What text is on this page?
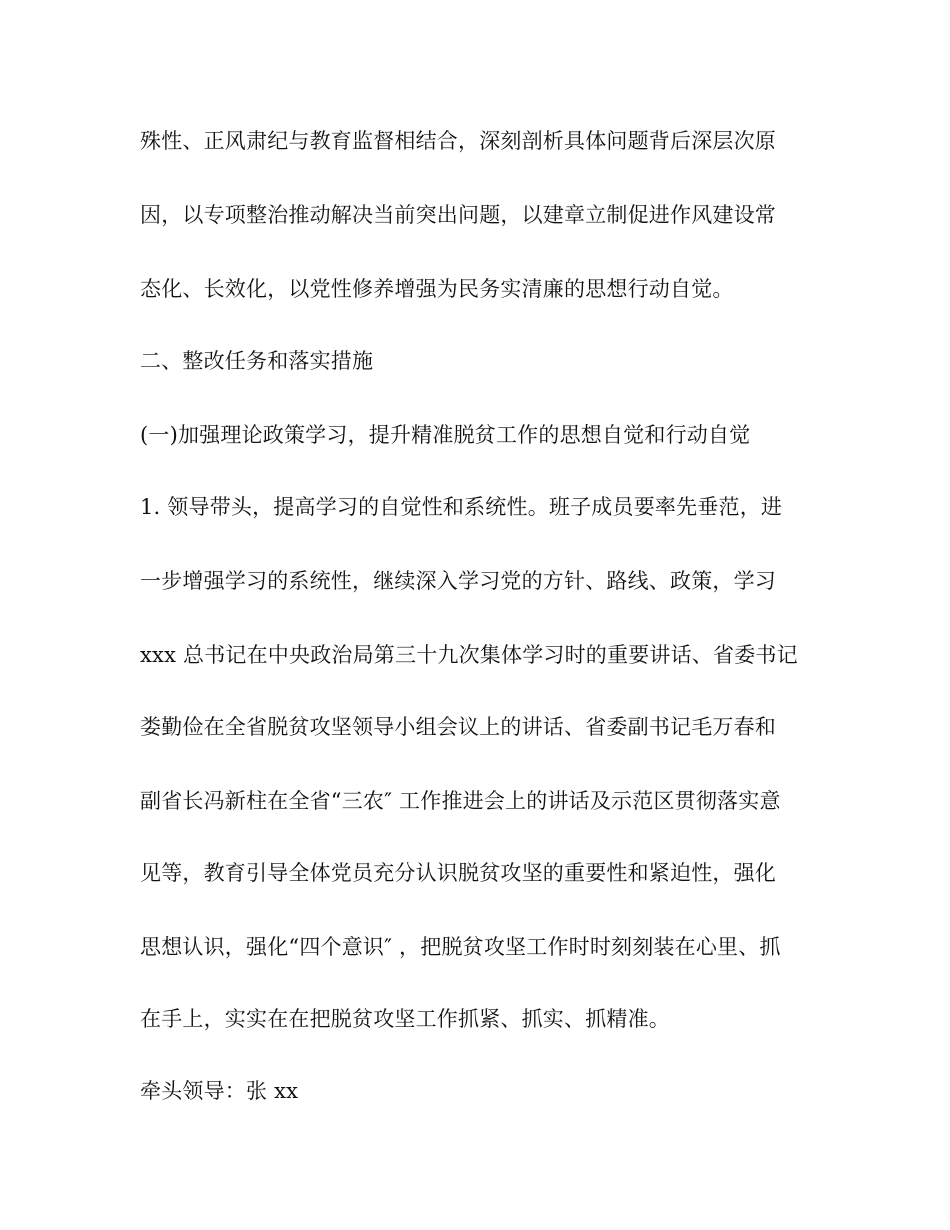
殊性、正风肃纪与教育监督相结合，深刻剖析具体问题背后深层次原
因，以专项整治推动解决当前突出问题，以建章立制促进作风建设常
态化、长效化，以党性修养增强为民务实清廉的思想行动自觉。
二、整改任务和落实措施
(一)加强理论政策学习，提升精准脱贫工作的思想自觉和行动自觉
1. 领导带头，提高学习的自觉性和系统性。班子成员要率先垂范，进
一步增强学习的系统性，继续深入学习党的方针、路线、政策，学习
xxx 总书记在中央政治局第三十九次集体学习时的重要讲话、省委书记
娄勤俭在全省脱贫攻坚领导小组会议上的讲话、省委副书记毛万春和
副省长冯新柱在全省“三农″ 工作推进会上的讲话及示范区贯彻落实意
见等，教育引导全体党员充分认识脱贫攻坚的重要性和紧迫性，强化
思想认识，强化“四个意识″ ，把脱贫攻坚工作时时刻刻装在心里、抓
在手上，实实在在把脱贫攻坚工作抓紧、抓实、抓精准。
牵头领导：张 xx
